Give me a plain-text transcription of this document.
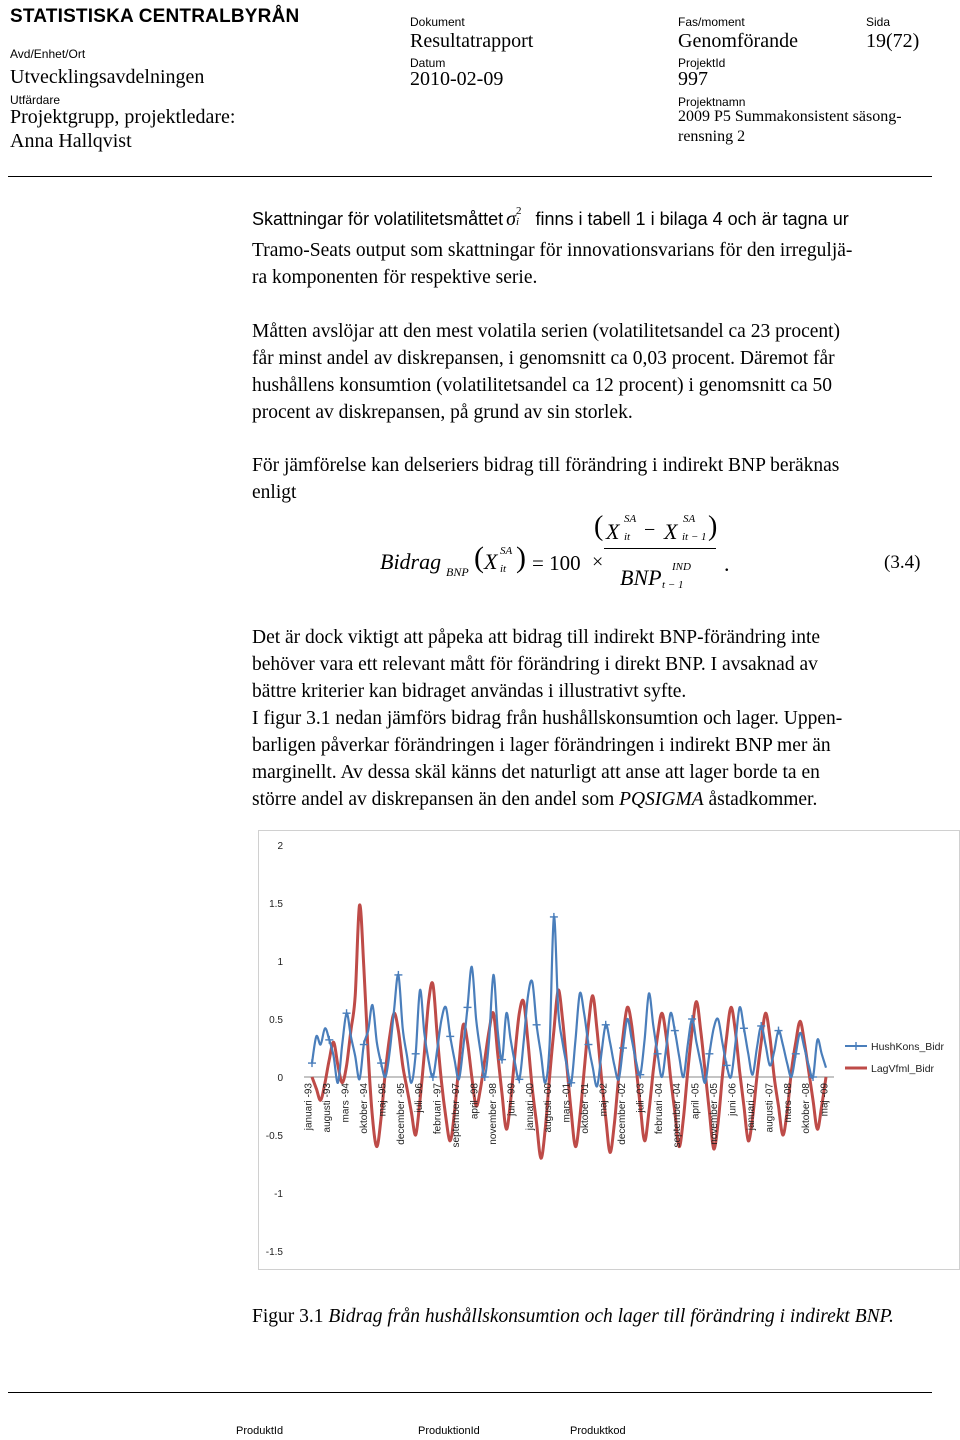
STATISTISKA CENTRALBYRÅN
Avd/Enhet/Ort
Utvecklingsavdelningen
Utfärdare
Projektgrupp, projektledare:
Anna Hallqvist
Dokument
Resultatrapport
Datum
2010-02-09
Fas/moment
Genomförande
ProjektId
997
Projektnamn
2009 P5 Summakonsistent säsong-
rensning 2
Sida
19(72)
Skattningar för volatilitetsmåttet σ 2
i finns i tabell 1 i bilaga 4 och är tagna ur
Tramo-Seats output som skattningar för innovationsvarians för den irreguljä-
ra komponenten för respektive serie.
Måtten avslöjar att den mest volatila serien (volatilitetsandel ca 23 procent)
får minst andel av diskrepansen, i genomsnitt ca 0,03 procent. Däremot får
hushållens konsumtion (volatilitetsandel ca 12 procent) i genomsnitt ca 50
procent av diskrepansen, på grund av sin storlek.
För jämförelse kan delseriers bidrag till förändring i indirekt BNP beräknas
enligt
Bidrag BNP ( X SA
it ) = 100 ×
( X SA
it − X SA
it − 1 )
BNP IND
t − 1
.	(3.4)
Det är dock viktigt att påpeka att bidrag till indirekt BNP-förändring inte
behöver vara ett relevant mått för förändring i direkt BNP. I avsaknad av
bättre kriterier kan bidraget användas i illustrativt syfte.
I figur 3.1 nedan jämförs bidrag från hushållskonsumtion och lager. Uppen-
barligen påverkar förändringen i lager förändringen i indirekt BNP mer än
marginellt. Av dessa skäl känns det naturligt att anse att lager borde ta en
större andel av diskrepansen än den andel som PQSIGMA åstadkommer.
2
1.5
1
0.5
0
-0.5
-1
-1.5
januari -93 augusti -93 mars -94 oktober -94 maj -95 december -95 juli -96 februari -97 september -97 april -98 november -98 juni -99 januari -00 augusti -00 mars -01 oktober -01 maj -02 december -02 juli -03 februari -04 september -04 april -05 november -05 juni -06 januari -07 augusti -07 mars -08 oktober -08 maj -09
HushKons_Bidr
LagVfml_Bidr
Figur 3.1 Bidrag från hushållskonsumtion och lager till förändring i indirekt BNP.
ProduktId	ProduktionId	Produktkod
